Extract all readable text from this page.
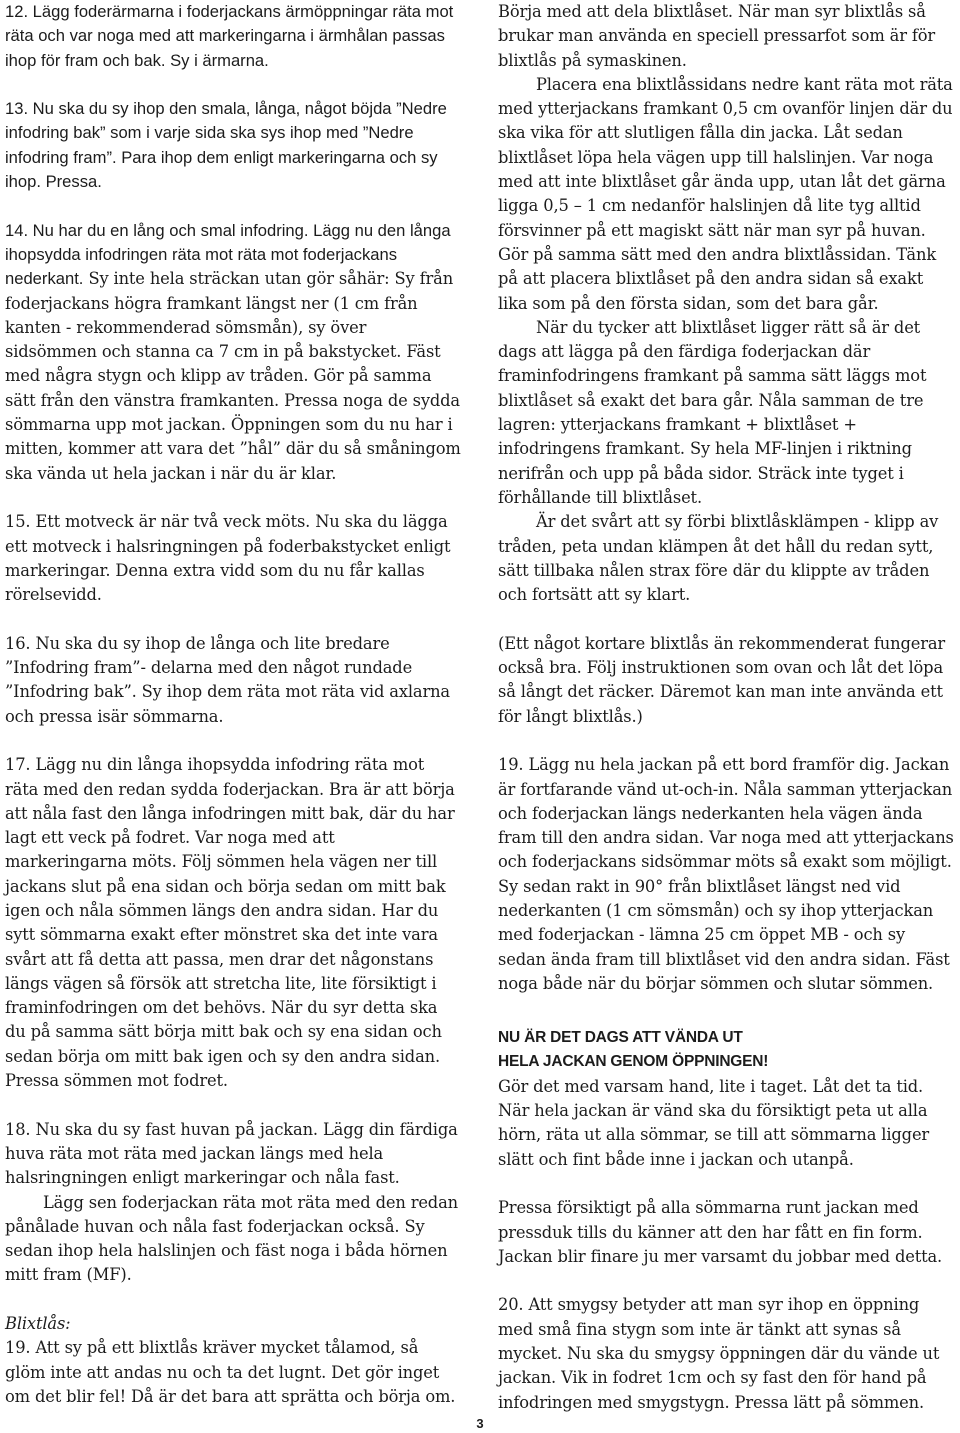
12. Lägg foderärmarna i foderjackans ärmöppningar räta mot räta och var noga med att markeringarna i ärmhålan passas ihop för fram och bak. Sy i ärmarna.

13. Nu ska du sy ihop den smala, långa, något böjda ”Nedre infodring bak” som i varje sida ska sys ihop med ”Nedre infodring fram”. Para ihop dem enligt markeringarna och sy ihop. Pressa.

14. Nu har du en lång och smal infodring. Lägg nu den långa ihopsydda infodringen räta mot räta mot foderjackans nederkant. Sy inte hela sträckan utan gör såhär: Sy från foderjackans högra framkant längst ner (1 cm från kanten - rekommenderad sömsmån), sy över sidsömmen och stanna ca 7 cm in på bakstycket. Fäst med några stygn och klipp av tråden. Gör på samma sätt från den vänstra framkanten. Pressa noga de sydda sömmarna upp mot jackan. Öppningen som du nu har i mitten, kommer att vara det ”hål” där du så småningom ska vända ut hela jackan i när du är klar.

15. Ett motveck är när två veck möts. Nu ska du lägga ett motveck i halsringningen på foderbakstycket enligt markeringar. Denna extra vidd som du nu får kallas rörelsevidd.

16. Nu ska du sy ihop de långa och lite bredare ”Infodring fram”- delarna med den något rundade ”Infodring bak”. Sy ihop dem räta mot räta vid axlarna och pressa isär sömmarna.

17. Lägg nu din långa ihopsydda infodring räta mot räta med den redan sydda foderjackan. Bra är att börja att nåla fast den långa infodringen mitt bak, där du har lagt ett veck på fodret. Var noga med att markeringarna möts. Följ sömmen hela vägen ner till jackans slut på ena sidan och börja sedan om mitt bak igen och nåla sömmen längs den andra sidan. Har du sytt sömmarna exakt efter mönstret ska det inte vara svårt att få detta att passa, men drar det någonstans längs vägen så försök att stretcha lite, lite försiktigt i framinfodringen om det behövs. När du syr detta ska du på samma sätt börja mitt bak och sy ena sidan och sedan börja om mitt bak igen och sy den andra sidan. Pressa sömmen mot fodret.

18. Nu ska du sy fast huvan på jackan. Lägg din färdiga huva räta mot räta med jackan längs med hela halsringningen enligt markeringar och nåla fast.

Lägg sen foderjackan räta mot räta med den redan pånålade huvan och nåla fast foderjackan också. Sy sedan ihop hela halslinjen och fäst noga i båda hörnen mitt fram (MF).

Blixtlås:

19. Att sy på ett blixtlås kräver mycket tålamod, så glöm inte att andas nu och ta det lugnt. Det gör inget om det blir fel! Då är det bara att sprätta och börja om.

Börja med att dela blixtlåset. När man syr blixtlås så brukar man använda en speciell pressarfot som är för blixtlås på symaskinen.

Placera ena blixtlåssidans nedre kant räta mot räta med ytterjackans framkant 0,5 cm ovanför linjen där du ska vika för att slutligen fålla din jacka. Låt sedan blixtlåset löpa hela vägen upp till halslinjen. Var noga med att inte blixtlåset går ända upp, utan låt det gärna ligga 0,5 – 1 cm nedanför halslinjen då lite tyg alltid försvinner på ett magiskt sätt när man syr på huvan. Gör på samma sätt med den andra blixtlåssidan. Tänk på att placera blixtlåset på den andra sidan så exakt lika som på den första sidan, som det bara går.

När du tycker att blixtlåset ligger rätt så är det dags att lägga på den färdiga foderjackan där framinfodringens framkant på samma sätt läggs mot blixtlåset så exakt det bara går. Nåla samman de tre lagren: ytterjackans framkant + blixtlåset + infodringens framkant. Sy hela MF-linjen i riktning nerifrån och upp på båda sidor. Sträck inte tyget i förhållande till blixtlåset.

Är det svårt att sy förbi blixtlåsklämpen - klipp av tråden, peta undan klämpen åt det håll du redan sytt, sätt tillbaka nålen strax före där du klippte av tråden och fortsätt att sy klart.

(Ett något kortare blixtlås än rekommenderat fungerar också bra. Följ instruktionen som ovan och låt det löpa så långt det räcker. Däremot kan man inte använda ett för långt blixtlås.)

19. Lägg nu hela jackan på ett bord framför dig. Jackan är fortfarande vänd ut-och-in. Nåla samman ytterjackan och foderjackan längs nederkanten hela vägen ända fram till den andra sidan. Var noga med att ytterjackans och foderjackans sidsömmar möts så exakt som möjligt. Sy sedan rakt in 90° från blixtlåset längst ned vid nederkanten (1 cm sömsmån) och sy ihop ytterjackan med foderjackan - lämna 25 cm öppet MB - och sy sedan ända fram till blixtlåset vid den andra sidan. Fäst noga både när du börjar sömmen och slutar sömmen.

NU ÄR DET DAGS ATT VÄNDA UT

HELA JACKAN GENOM ÖPPNINGEN!

Gör det med varsam hand, lite i taget. Låt det ta tid. När hela jackan är vänd ska du försiktigt peta ut alla hörn, räta ut alla sömmar, se till att sömmarna ligger slätt och fint både inne i jackan och utanpå.

Pressa försiktigt på alla sömmarna runt jackan med pressduk tills du känner att den har fått en fin form. Jackan blir finare ju mer varsamt du jobbar med detta.

20. Att smygsy betyder att man syr ihop en öppning med små fina stygn som inte är tänkt att synas så mycket. Nu ska du smygsy öppningen där du vände ut jackan. Vik in fodret 1cm och sy fast den för hand på infodringen med smygstygn. Pressa lätt på sömmen.

3
